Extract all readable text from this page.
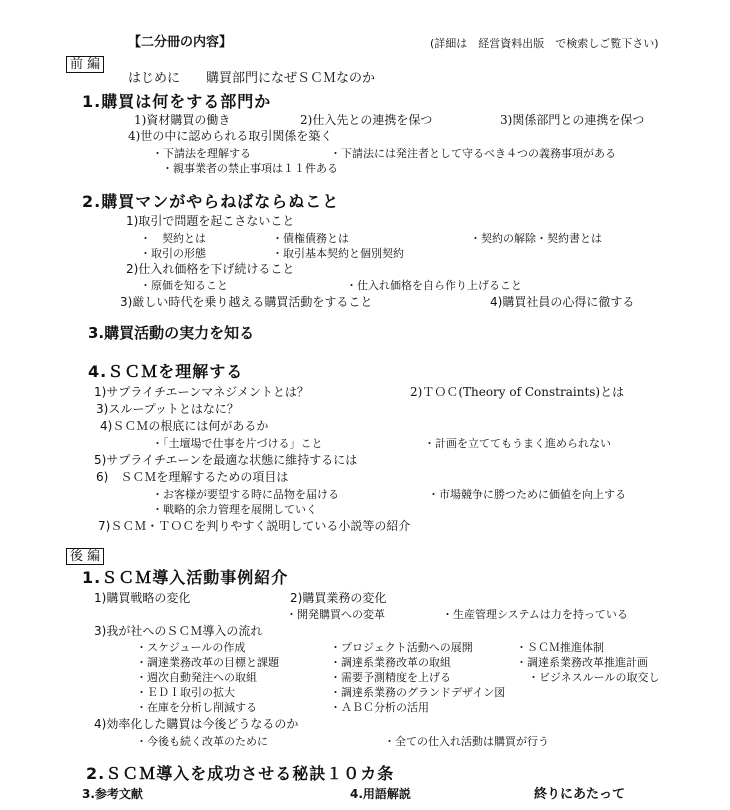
【二分冊の内容】	(詳細は　経営資料出版　で検索しご覧下さい)
前 編
はじめに　　購買部門になぜＳＣＭなのか
1.購買は何をする部門か
1)資材購買の働き	2)仕入先との連携を保つ	3)関係部門との連携を保つ
4)世の中に認められる取引関係を築く
・下請法を理解する	・下請法には発注者として守るべき４つの義務事項がある
・親事業者の禁止事項は１１件ある
2.購買マンがやらねばならぬこと
1)取引で問題を起こさないこと
・　契約とは	・債権債務とは	・契約の解除・契約書とは
・取引の形態	・取引基本契約と個別契約
2)仕入れ価格を下げ続けること
・原価を知ること	・仕入れ価格を自ら作り上げること
3)厳しい時代を乗り越える購買活動をすること	4)購買社員の心得に徹する
3.購買活動の実力を知る
4.ＳＣＭを理解する
1)サプライチエーンマネジメントとは？	2)ＴＯＣ(Theory of Constraints)とは
3)スループットとはなに？
4)ＳＣＭの根底には何があるか
・「土壇場で仕事を片づける」こと	・計画を立ててもうまく進められない
5)サプライチエーンを最適な状態に維持するには
6)　ＳＣＭを理解するための項目は
・お客様が要望する時に品物を届ける	・市場競争に勝つために価値を向上する
・戦略的余力管理を展開していく
7)ＳＣＭ・ＴＯＣを判りやすく説明している小説等の紹介
後 編
1.ＳＣＭ導入活動事例紹介
1)購買戦略の変化	2)購買業務の変化
・開発購買への変革	・生産管理システムは力を持っている
3)我が社へのＳＣＭ導入の流れ
・スケジュールの作成	・プロジェクト活動への展開	・ＳＣＭ推進体制
・調達業務改革の目標と課題	・調達系業務改革の取組	・調達系業務改革推進計画
・週次自動発注への取組	・需要予測精度を上げる	・ビジネスルールの取交し
・ＥＤＩ取引の拡大	・調達系業務のグランドデザイン図
・在庫を分析し削減する	・ＡＢＣ分析の活用
4)効率化した購買は今後どうなるのか
・今後も続く改革のために	・全ての仕入れ活動は購買が行う
2.ＳＣＭ導入を成功させる秘訣１０カ条
3.参考文献	4.用語解説	終りにあたって
